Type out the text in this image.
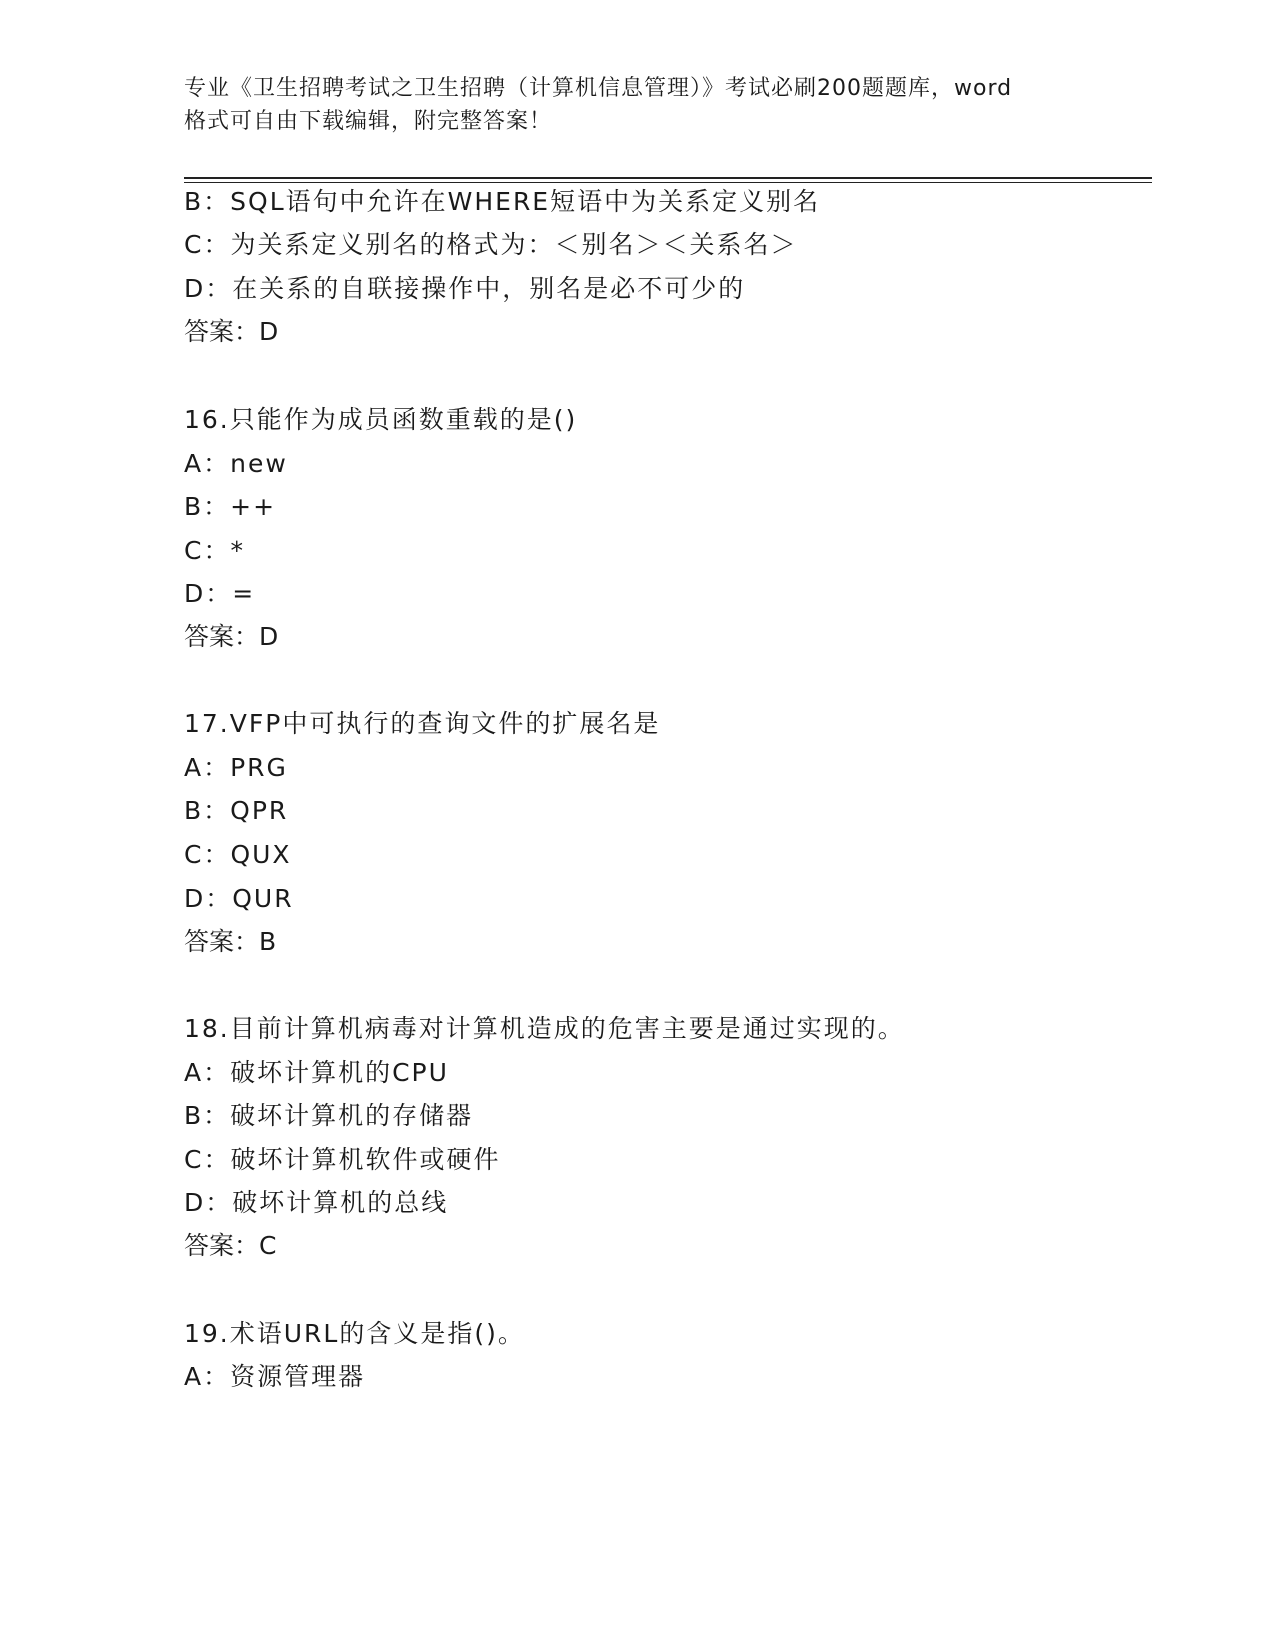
专业《卫生招聘考试之卫生招聘（计算机信息管理）》考试必刷200题题库，word
格式可自由下载编辑，附完整答案！
B：SQL语句中允许在WHERE短语中为关系定义别名
C：为关系定义别名的格式为：＜别名＞＜关系名＞
D：在关系的自联接操作中，别名是必不可少的
答案：D
16.只能作为成员函数重载的是()
A：new
B：++
C：*
D：=
答案：D
17.VFP中可执行的查询文件的扩展名是
A：PRG
B：QPR
C：QUX
D：QUR
答案：B
18.目前计算机病毒对计算机造成的危害主要是通过实现的。
A：破坏计算机的CPU
B：破坏计算机的存储器
C：破坏计算机软件或硬件
D：破坏计算机的总线
答案：C
19.术语URL的含义是指()。
A：资源管理器
